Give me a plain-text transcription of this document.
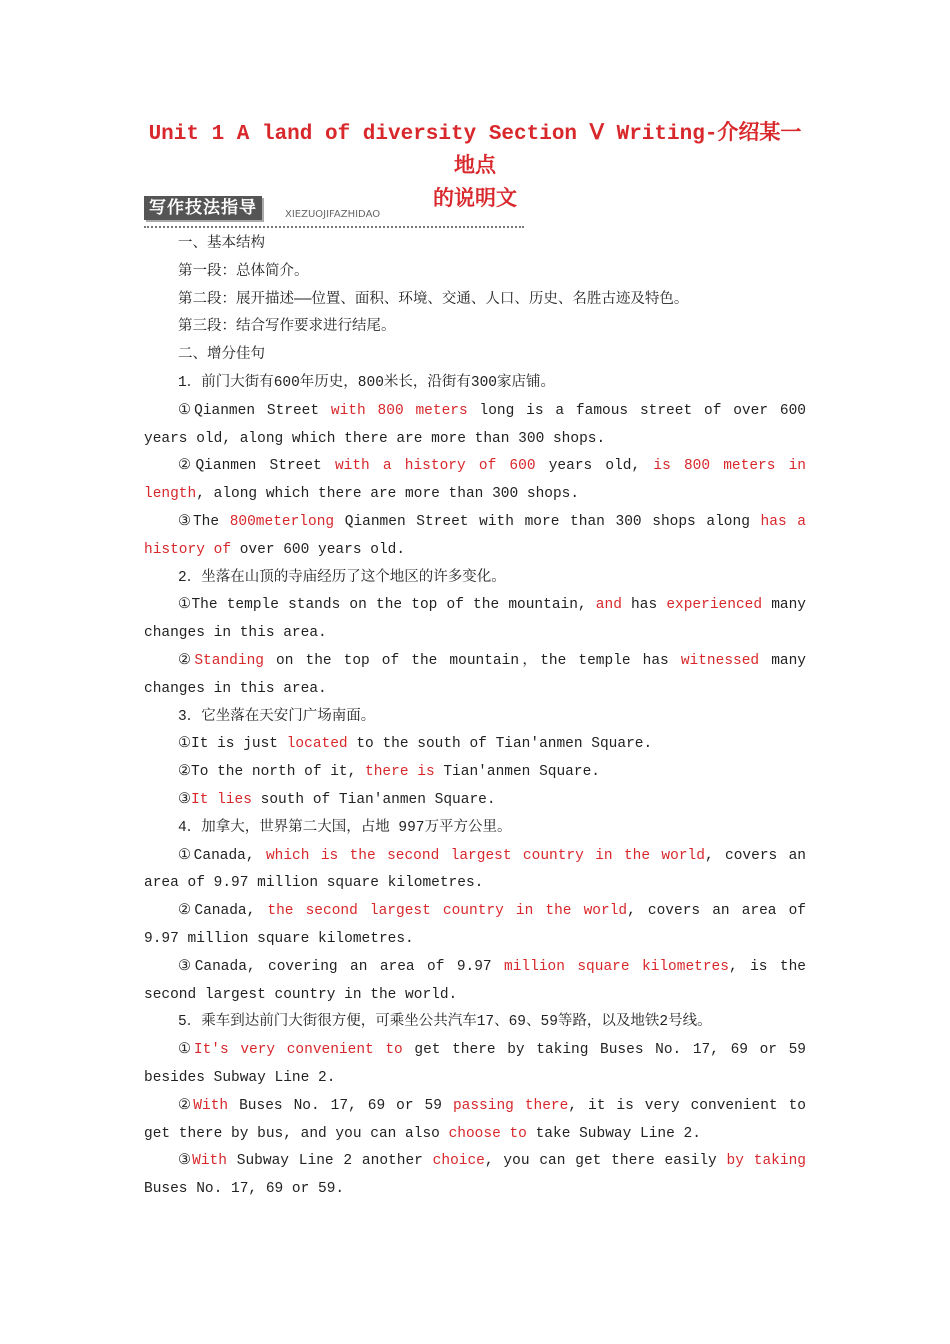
Unit 1 A land of diversity Section Ⅴ Writing-介绍某一地点
的说明文
写作技法指导	XIEZUOJIFAZHIDAO

一、基本结构

第一段：总体简介。

第二段：展开描述——位置、面积、环境、交通、人口、历史、名胜古迹及特色。

第三段：结合写作要求进行结尾。

二、增分佳句

1．前门大街有600年历史，800米长，沿街有300家店铺。

①Qianmen Street with 800 meters long is a famous street of over 600 years old, along which there are more than 300 shops.

②Qianmen Street with a history of 600 years old, is 800 meters in length, along which there are more than 300 shops.

③The 800meterlong Qianmen Street with more than 300 shops along has a history of over 600 years old.

2．坐落在山顶的寺庙经历了这个地区的许多变化。

①The temple stands on the top of the mountain, and has experienced many changes in this area.

②Standing on the top of the mountain，the temple has witnessed many changes in this area.

3．它坐落在天安门广场南面。

①It is just located to the south of Tian'anmen Square.

②To the north of it, there is Tian'anmen Square.

③It lies south of Tian'anmen Square.

4．加拿大，世界第二大国，占地 997万平方公里。

①Canada, which is the second largest country in the world, covers an area of 9.97 million square kilometres.

②Canada, the second largest country in the world, covers an area of 9.97 million square kilometres.

③Canada, covering an area of 9.97 million square kilometres, is the second largest country in the world.

5．乘车到达前门大街很方便，可乘坐公共汽车17、69、59等路，以及地铁2号线。

①It's very convenient to get there by taking Buses No. 17, 69 or 59 besides Subway Line 2.

②With Buses No. 17, 69 or 59 passing there, it is very convenient to get there by bus, and you can also choose to take Subway Line 2.

③With Subway Line 2 another choice, you can get there easily by taking Buses No. 17, 69 or 59.
